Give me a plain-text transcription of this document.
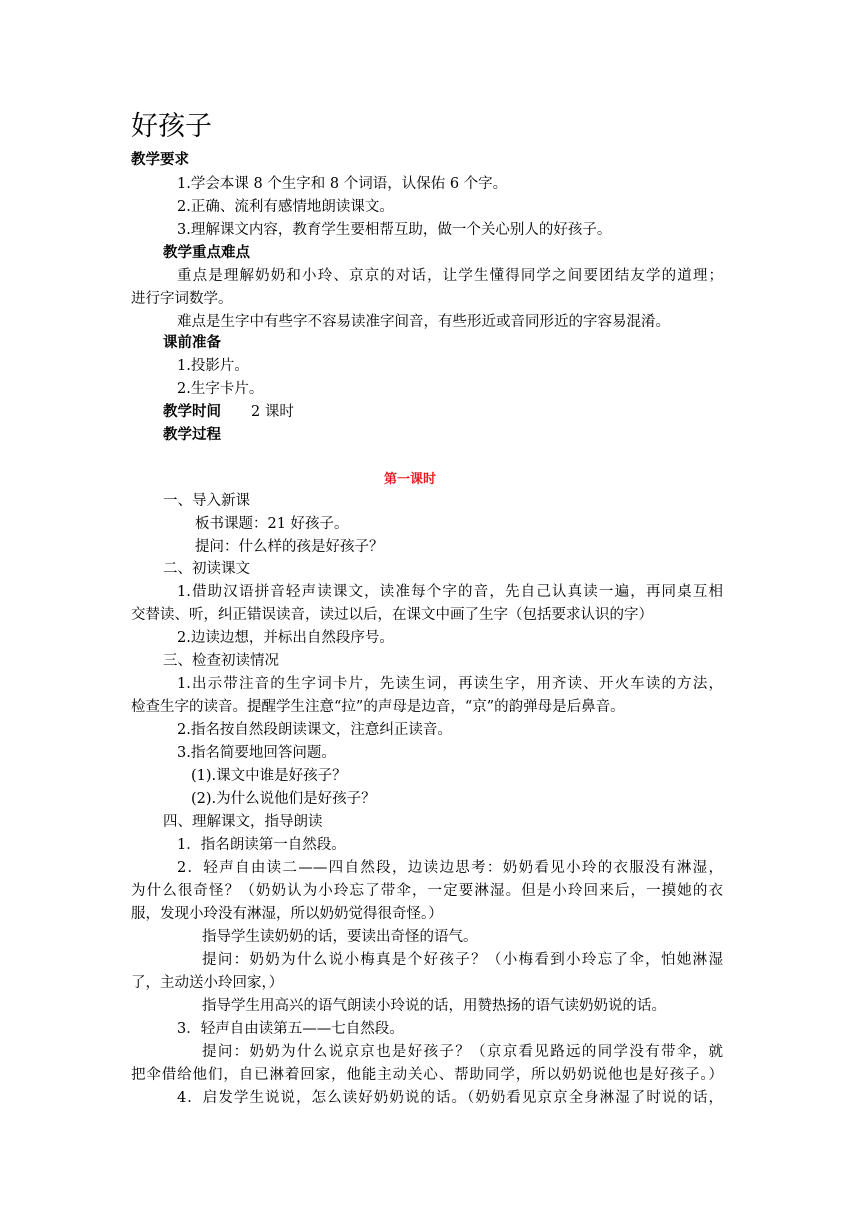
好孩子
教学要求
1.学会本课 8 个生字和 8 个词语，认保佑 6 个字。
2.正确、流利有感情地朗读课文。
3.理解课文内容，教育学生要相帮互助，做一个关心别人的好孩子。
教学重点难点
重点是理解奶奶和小玲、京京的对话，让学生懂得同学之间要团结友学的道理；
进行字词数学。
难点是生字中有些字不容易读准字间音，有些形近或音同形近的字容易混淆。
课前准备
1.投影片。
2.生字卡片。
教学时间 2 课时
教学过程
第一课时
一、导入新课
板书课题：21 好孩子。
提问：什么样的孩是好孩子？
二、初读课文
1.借助汉语拼音轻声读课文，读准每个字的音，先自己认真读一遍，再同桌互相
交替读、听，纠正错误读音，读过以后，在课文中画了生字（包括要求认识的字）
2.边读边想，并标出自然段序号。
三、检查初读情况
1.出示带注音的生字词卡片，先读生词，再读生字，用齐读、开火车读的方法，
检查生字的读音。提醒学生注意“拉”的声母是边音，“京”的韵弹母是后鼻音。
2.指名按自然段朗读课文，注意纠正读音。
3.指名简要地回答问题。
(1).课文中谁是好孩子？
(2).为什么说他们是好孩子？
四、理解课文，指导朗读
1．指名朗读第一自然段。
2．轻声自由读二——四自然段，边读边思考：奶奶看见小玲的衣服没有淋湿，
为什么很奇怪？（奶奶认为小玲忘了带伞，一定要淋湿。但是小玲回来后，一摸她的衣
服，发现小玲没有淋湿，所以奶奶觉得很奇怪。）
指导学生读奶奶的话，要读出奇怪的语气。
提问：奶奶为什么说小梅真是个好孩子？（小梅看到小玲忘了伞，怕她淋湿
了，主动送小玲回家，）
指导学生用高兴的语气朗读小玲说的话，用赞热扬的语气读奶奶说的话。
3．轻声自由读第五——七自然段。
提问：奶奶为什么说京京也是好孩子？（京京看见路远的同学没有带伞，就
把伞借给他们，自已淋着回家，他能主动关心、帮助同学，所以奶奶说他也是好孩子。）
4．启发学生说说，怎么读好奶奶说的话。（奶奶看见京京全身淋湿了时说的话，
